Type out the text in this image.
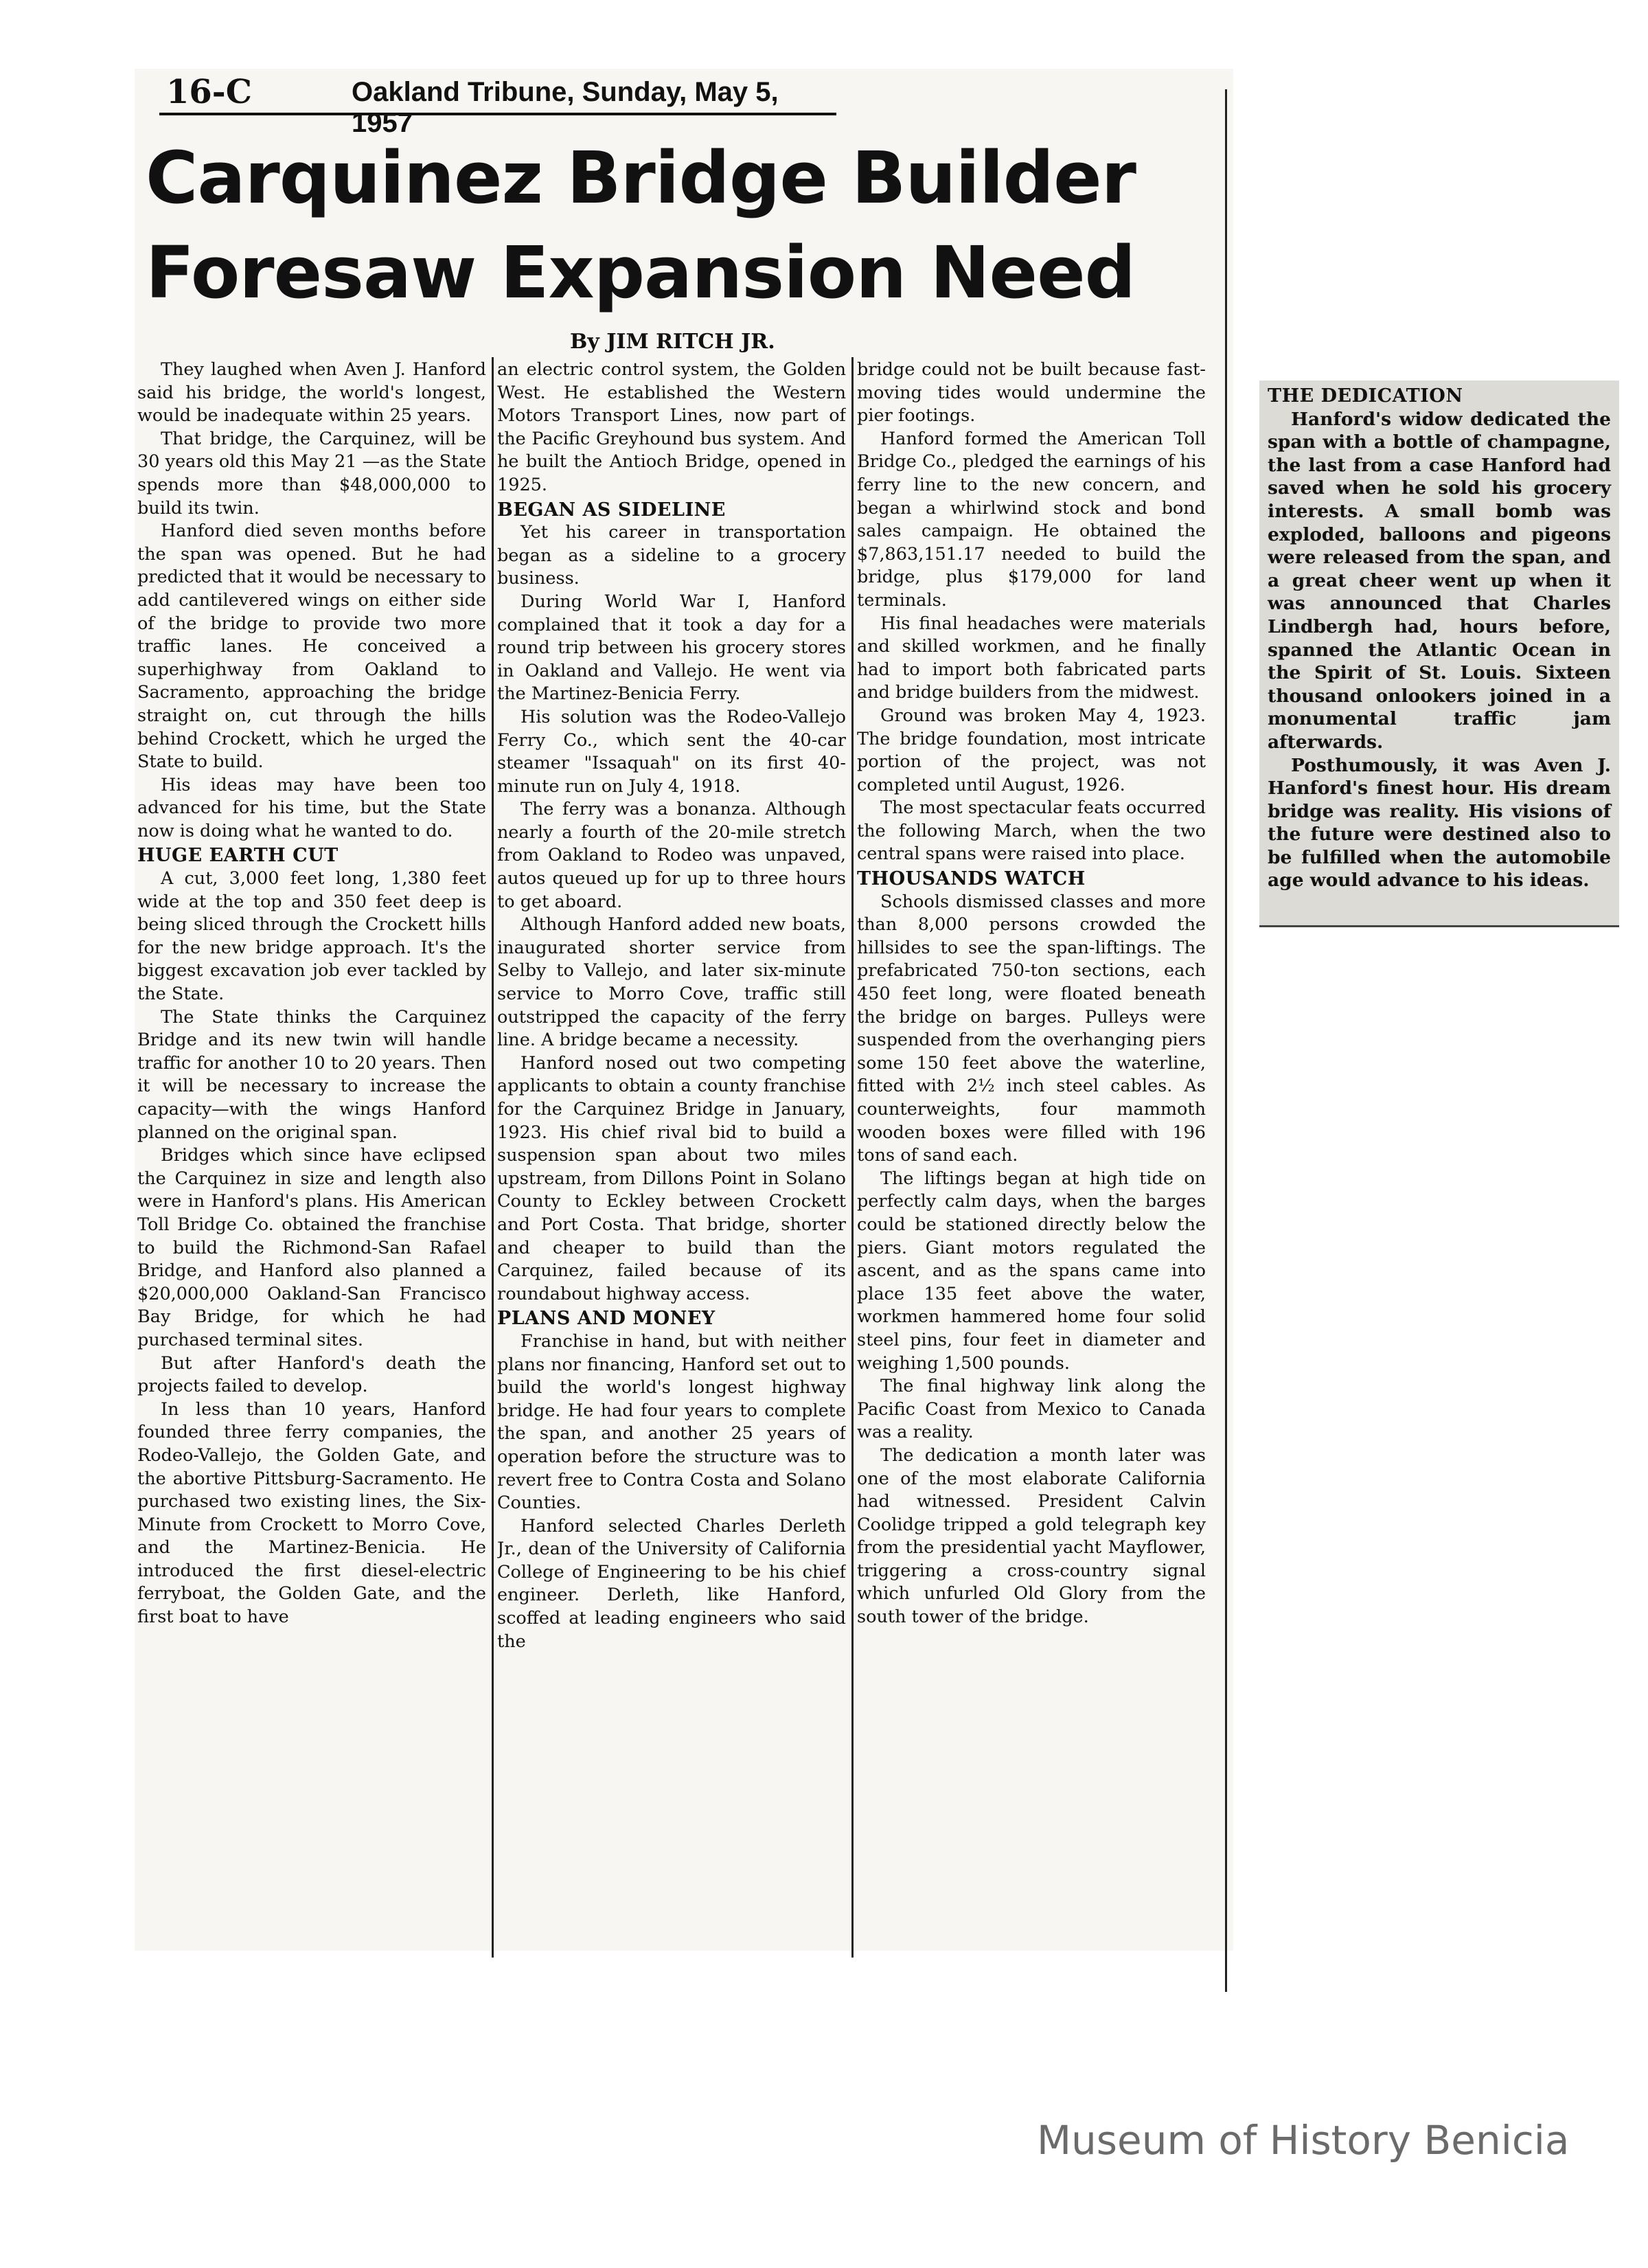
16-C	Oakland Tribune, Sunday, May 5, 1957
Carquinez Bridge Builder
Foresaw Expansion Need
By JIM RITCH JR.

They laughed when Aven J. Hanford said his bridge, the world's longest, would be inadequate within 25 years.

That bridge, the Carquinez, will be 30 years old this May 21 —as the State spends more than $48,000,000 to build its twin.

Hanford died seven months before the span was opened. But he had predicted that it would be necessary to add cantilevered wings on either side of the bridge to provide two more traffic lanes. He conceived a superhighway from Oakland to Sacramento, approaching the bridge straight on, cut through the hills behind Crockett, which he urged the State to build.

His ideas may have been too advanced for his time, but the State now is doing what he wanted to do.

HUGE EARTH CUT

A cut, 3,000 feet long, 1,380 feet wide at the top and 350 feet deep is being sliced through the Crockett hills for the new bridge approach. It's the biggest excavation job ever tackled by the State.

The State thinks the Carquinez Bridge and its new twin will handle traffic for another 10 to 20 years. Then it will be necessary to increase the capacity—with the wings Hanford planned on the original span.

Bridges which since have eclipsed the Carquinez in size and length also were in Hanford's plans. His American Toll Bridge Co. obtained the franchise to build the Richmond-San Rafael Bridge, and Hanford also planned a $20,000,000 Oakland-San Francisco Bay Bridge, for which he had purchased terminal sites.

But after Hanford's death the projects failed to develop.

In less than 10 years, Hanford founded three ferry companies, the Rodeo-Vallejo, the Golden Gate, and the abortive Pittsburg-Sacramento. He purchased two existing lines, the Six-Minute from Crockett to Morro Cove, and the Martinez-Benicia. He introduced the first diesel-electric ferryboat, the Golden Gate, and the first boat to have

an electric control system, the Golden West. He established the Western Motors Transport Lines, now part of the Pacific Greyhound bus system. And he built the Antioch Bridge, opened in 1925.

BEGAN AS SIDELINE

Yet his career in transportation began as a sideline to a grocery business.

During World War I, Hanford complained that it took a day for a round trip between his grocery stores in Oakland and Vallejo. He went via the Martinez-Benicia Ferry.

His solution was the Rodeo-Vallejo Ferry Co., which sent the 40-car steamer "Issaquah" on its first 40-minute run on July 4, 1918.

The ferry was a bonanza. Although nearly a fourth of the 20-mile stretch from Oakland to Rodeo was unpaved, autos queued up for up to three hours to get aboard.

Although Hanford added new boats, inaugurated shorter service from Selby to Vallejo, and later six-minute service to Morro Cove, traffic still outstripped the capacity of the ferry line. A bridge became a necessity.

Hanford nosed out two competing applicants to obtain a county franchise for the Carquinez Bridge in January, 1923. His chief rival bid to build a suspension span about two miles upstream, from Dillons Point in Solano County to Eckley between Crockett and Port Costa. That bridge, shorter and cheaper to build than the Carquinez, failed because of its roundabout highway access.

PLANS AND MONEY

Franchise in hand, but with neither plans nor financing, Hanford set out to build the world's longest highway bridge. He had four years to complete the span, and another 25 years of operation before the structure was to revert free to Contra Costa and Solano Counties.

Hanford selected Charles Derleth Jr., dean of the University of California College of Engineering to be his chief engineer. Derleth, like Hanford, scoffed at leading engineers who said the

bridge could not be built because fast-moving tides would undermine the pier footings.

Hanford formed the American Toll Bridge Co., pledged the earnings of his ferry line to the new concern, and began a whirlwind stock and bond sales campaign. He obtained the $7,863,151.17 needed to build the bridge, plus $179,000 for land terminals.

His final headaches were materials and skilled workmen, and he finally had to import both fabricated parts and bridge builders from the midwest.

Ground was broken May 4, 1923. The bridge foundation, most intricate portion of the project, was not completed until August, 1926.

The most spectacular feats occurred the following March, when the two central spans were raised into place.

THOUSANDS WATCH

Schools dismissed classes and more than 8,000 persons crowded the hillsides to see the span-liftings. The prefabricated 750-ton sections, each 450 feet long, were floated beneath the bridge on barges. Pulleys were suspended from the overhanging piers some 150 feet above the waterline, fitted with 2½ inch steel cables. As counterweights, four mammoth wooden boxes were filled with 196 tons of sand each.

The liftings began at high tide on perfectly calm days, when the barges could be stationed directly below the piers. Giant motors regulated the ascent, and as the spans came into place 135 feet above the water, workmen hammered home four solid steel pins, four feet in diameter and weighing 1,500 pounds.

The final highway link along the Pacific Coast from Mexico to Canada was a reality.

The dedication a month later was one of the most elaborate California had witnessed. President Calvin Coolidge tripped a gold telegraph key from the presidential yacht Mayflower, triggering a cross-country signal which unfurled Old Glory from the south tower of the bridge.

THE DEDICATION

Hanford's widow dedicated the span with a bottle of champagne, the last from a case Hanford had saved when he sold his grocery interests. A small bomb was exploded, balloons and pigeons were released from the span, and a great cheer went up when it was announced that Charles Lindbergh had, hours before, spanned the Atlantic Ocean in the Spirit of St. Louis. Sixteen thousand onlookers joined in a monumental traffic jam afterwards.

Posthumously, it was Aven J. Hanford's finest hour. His dream bridge was reality. His visions of the future were destined also to be fulfilled when the automobile age would advance to his ideas.

Museum of History Benicia
